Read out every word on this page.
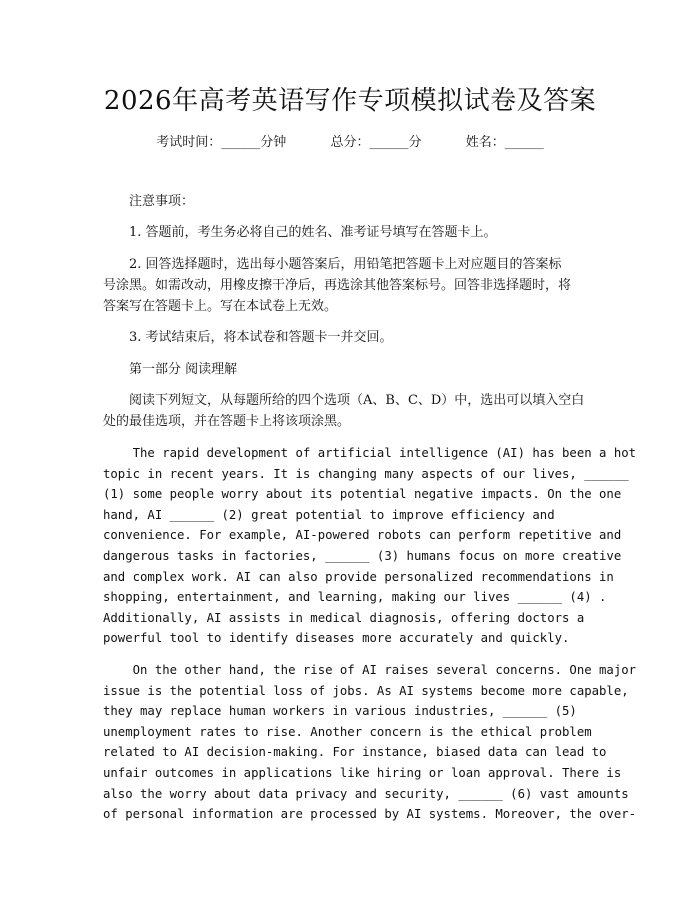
2026年高考英语写作专项模拟试卷及答案
考试时间：______分钟	总分：______分	姓名：______
注意事项：
1. 答题前，考生务必将自己的姓名、准考证号填写在答题卡上。
2. 回答选择题时，选出每小题答案后，用铅笔把答题卡上对应题目的答案标
号涂黑。如需改动，用橡皮擦干净后，再选涂其他答案标号。回答非选择题时，将
答案写在答题卡上。写在本试卷上无效。
3. 考试结束后，将本试卷和答题卡一并交回。
第一部分 阅读理解
阅读下列短文，从每题所给的四个选项（A、B、C、D）中，选出可以填入空白
处的最佳选项，并在答题卡上将该项涂黑。
The rapid development of artificial intelligence (AI) has been a hot
topic in recent years. It is changing many aspects of our lives, ______
(1) some people worry about its potential negative impacts. On the one
hand, AI ______ (2) great potential to improve efficiency and
convenience. For example, AI-powered robots can perform repetitive and
dangerous tasks in factories, ______ (3) humans focus on more creative
and complex work. AI can also provide personalized recommendations in
shopping, entertainment, and learning, making our lives ______ (4) .
Additionally, AI assists in medical diagnosis, offering doctors a
powerful tool to identify diseases more accurately and quickly.
On the other hand, the rise of AI raises several concerns. One major
issue is the potential loss of jobs. As AI systems become more capable,
they may replace human workers in various industries, ______ (5)
unemployment rates to rise. Another concern is the ethical problem
related to AI decision-making. For instance, biased data can lead to
unfair outcomes in applications like hiring or loan approval. There is
also the worry about data privacy and security, ______ (6) vast amounts
of personal information are processed by AI systems. Moreover, the over-
